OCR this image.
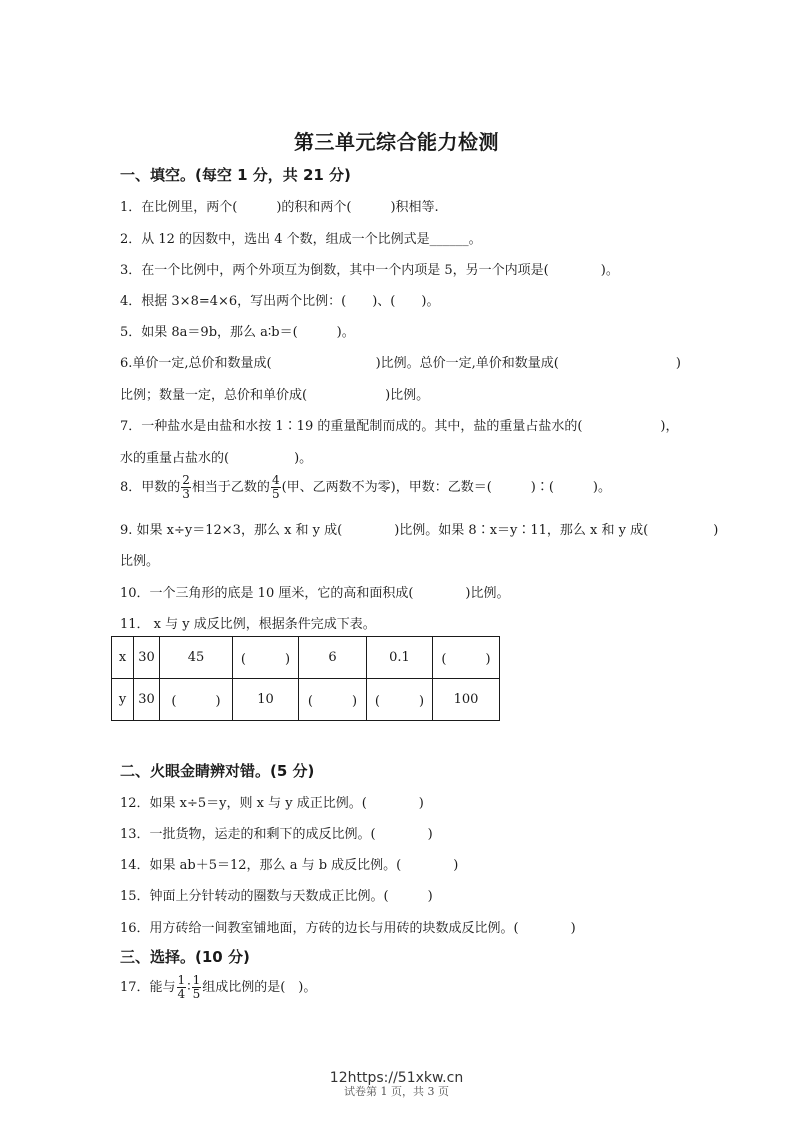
第三单元综合能力检测
一、填空。(每空 1 分，共 21 分)
1．在比例里，两个(　　　)的积和两个(　　　)积相等.
2．从 12 的因数中，选出 4 个数，组成一个比例式是______。
3．在一个比例中，两个外项互为倒数，其中一个内项是 5，另一个内项是(　　　　)。
4．根据 3×8=4×6，写出两个比例：(　　)、(　　)。
5．如果 8a＝9b，那么 a∶b＝(　　　)。
6.单价一定,总价和数量成(　　　　　　　　)比例。总价一定,单价和数量成(　　　　　　　　　)
比例；数量一定，总价和单价成(　　　　　　)比例。
7．一种盐水是由盐和水按 1∶19 的重量配制而成的。其中，盐的重量占盐水的(　　　　　　)，
水的重量占盐水的(　　　　　)。
8．甲数的 $\frac{2}{3}$ 相当于乙数的 $\frac{4}{5}$ (甲、乙两数不为零)，甲数：乙数＝(　　　)∶(　　　)。
9. 如果 x÷y＝12×3，那么 x 和 y 成(　　　　)比例。如果 8∶x＝y∶11，那么 x 和 y 成(　　　　　)
比例。
10．一个三角形的底是 10 厘米，它的高和面积成(　　　　)比例。
11． x 与 y 成反比例，根据条件完成下表。
x	30	45	(　　　)	6	0.1	(　　　)
y	30	(　　　)	10	(　　　)	(　　　)	100
二、火眼金睛辨对错。(5 分)
12．如果 x÷5＝y，则 x 与 y 成正比例。(　　　　)
13．一批货物，运走的和剩下的成反比例。(　　　　)
14．如果 ab＋5＝12，那么 a 与 b 成反比例。(　　　　)
15．钟面上分针转动的圈数与天数成正比例。(　　　)
16．用方砖给一间教室铺地面，方砖的边长与用砖的块数成反比例。(　　　　)
三、选择。(10 分)
17．能与 $\frac{1}{4}$ ∶ $\frac{1}{5}$ 组成比例的是(　)。
12https://51xkw.cn
试卷第 1 页，共 3 页
